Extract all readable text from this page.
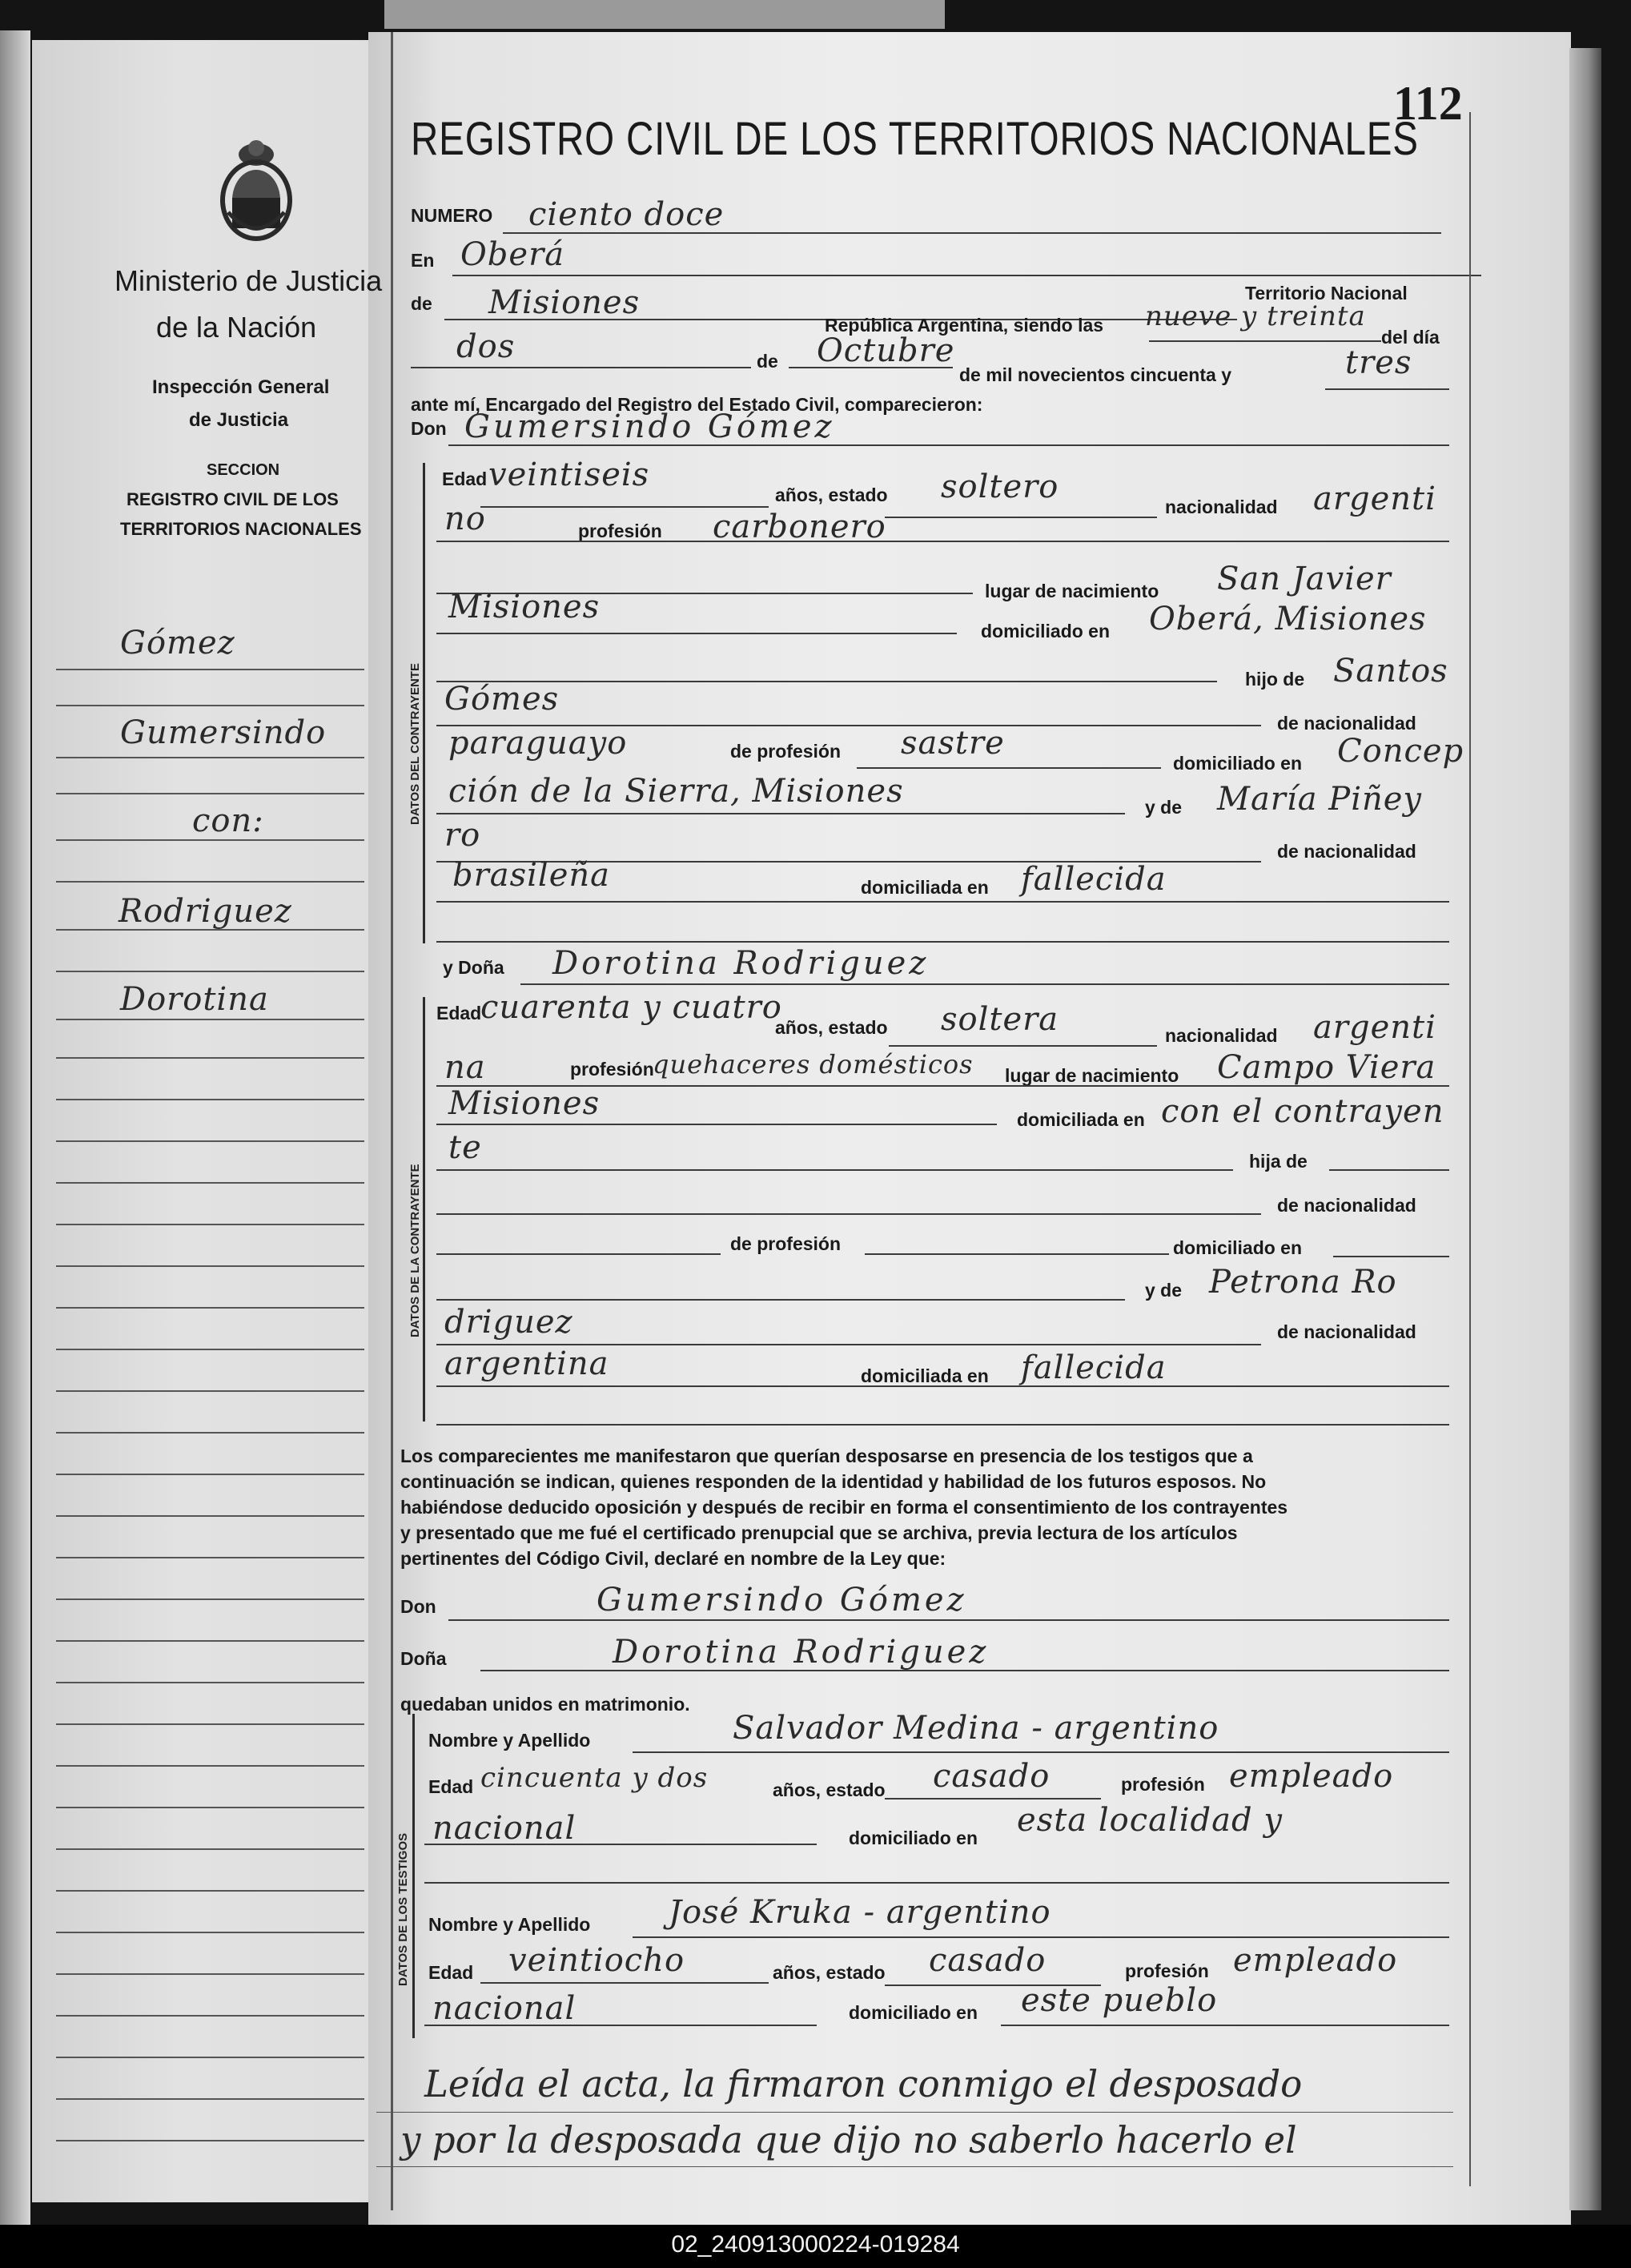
Ministerio de Justicia
de la Nación
Inspección General
de Justicia
SECCION
REGISTRO CIVIL DE LOS
TERRITORIOS NACIONALES
Gómez
Gumersindo
con:
Rodriguez
Dorotina
112
REGISTRO CIVIL DE LOS TERRITORIOS NACIONALES
NUMERO ciento doce
En Oberá
de Misiones	Territorio Nacional
República Argentina, siendo las nueve y treinta
del día
dos	de Octubre
de mil novecientos cincuenta y	tres
ante mí, Encargado del Registro del Estado Civil, comparecieron:
Don Gumersindo Gómez
DATOS DEL CONTRAYENTE
Edad veintiseis
años, estado soltero
nacionalidad argenti
no	profesión carbonero
lugar de nacimiento San Javier
Misiones
domiciliado en Oberá, Misiones
hijo de Santos
Gómes
de nacionalidad
paraguayo	de profesión sastre
domiciliado en Concep
ción de la Sierra, Misiones	y de María Piñey
ro	de nacionalidad
brasileña	domiciliada en fallecida
y Doña Dorotina Rodriguez
DATOS DE LA CONTRAYENTE
Edad
cuarenta y cuatro
años, estado soltera	nacionalidad argenti
na	profesión
quehaceres domésticos lugar de nacimiento Campo Viera
Misiones	domiciliada en con el contrayen
te	hija de
de nacionalidad
de profesión	domiciliado en
y de Petrona Ro
driguez	de nacionalidad
argentina	domiciliada en fallecida
Los comparecientes me manifestaron que querían desposarse en presencia de los testigos que a
continuación se indican, quienes responden de la identidad y habilidad de los futuros esposos. No
habiéndose deducido oposición y después de recibir en forma el consentimiento de los contrayentes
y presentado que me fué el certificado prenupcial que se archiva, previa lectura de los artículos
pertinentes del Código Civil, declaré en nombre de la Ley que:
Don	Gumersindo Gómez
Doña	Dorotina Rodriguez
quedaban unidos en matrimonio.
DATOS DE LOS TESTIGOS
Nombre y Apellido	Salvador Medina - argentino
Edad cincuenta y dos	años, estado casado	profesión empleado
nacional	domiciliado en esta localidad y
Nombre y Apellido José Kruka - argentino
Edad veintiocho	años, estado casado	profesión empleado
nacional	domiciliado en este pueblo
Leída el acta, la firmaron conmigo el desposado
y por la desposada que dijo no saberlo hacerlo el
02_240913000224-019284
